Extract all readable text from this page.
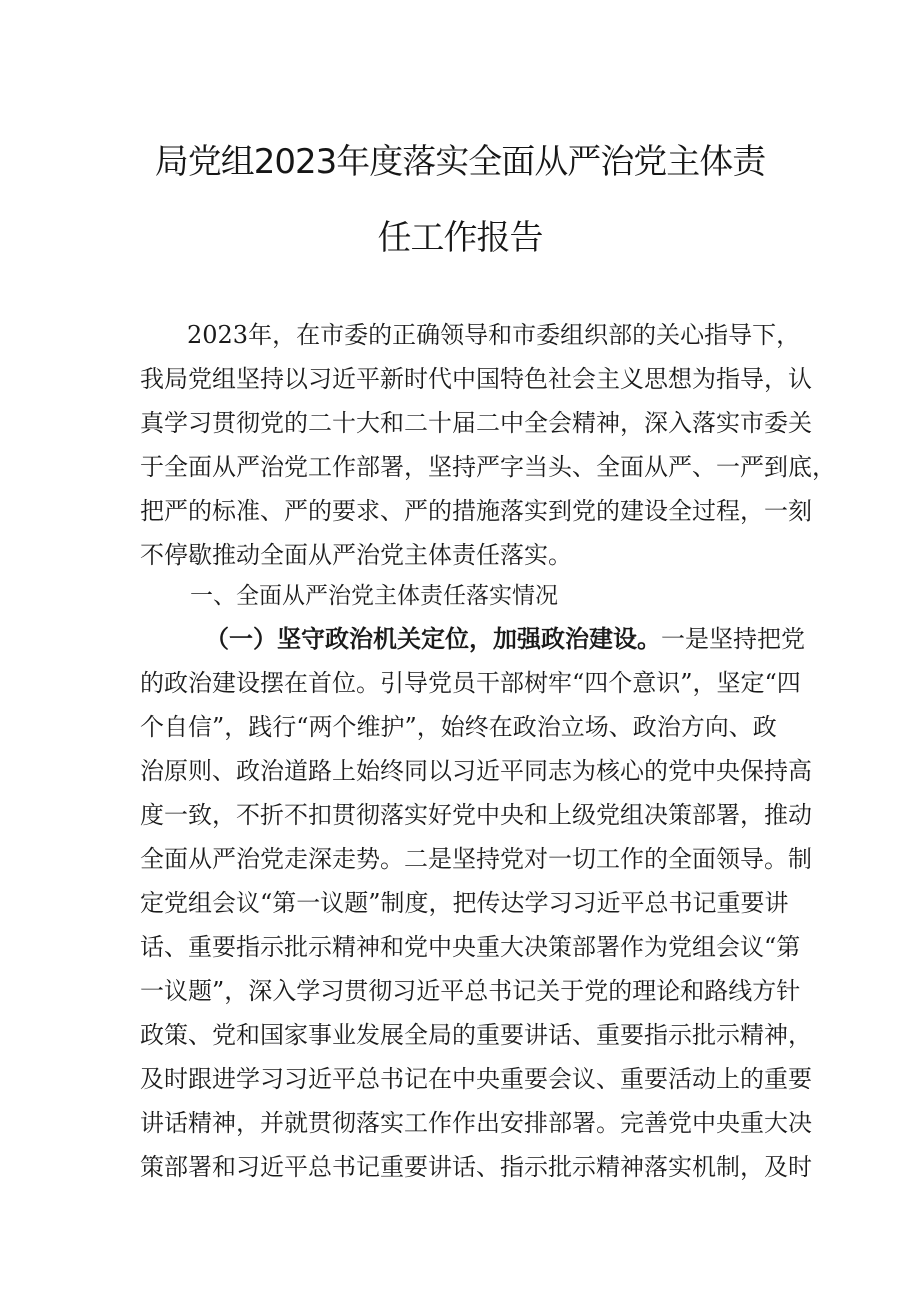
局党组2023年度落实全面从严治党主体责
任工作报告
2023年，在市委的正确领导和市委组织部的关心指导下，
我局党组坚持以习近平新时代中国特色社会主义思想为指导，认
真学习贯彻党的二十大和二十届二中全会精神，深入落实市委关
于全面从严治党工作部署，坚持严字当头、全面从严、一严到底，
把严的标准、严的要求、严的措施落实到党的建设全过程，一刻
不停歇推动全面从严治党主体责任落实。
一、全面从严治党主体责任落实情况
（一）坚守政治机关定位，加强政治建设。一是坚持把党
的政治建设摆在首位。引导党员干部树牢“四个意识”，坚定“四
个自信”，践行“两个维护”，始终在政治立场、政治方向、政
治原则、政治道路上始终同以习近平同志为核心的党中央保持高
度一致，不折不扣贯彻落实好党中央和上级党组决策部署，推动
全面从严治党走深走势。二是坚持党对一切工作的全面领导。制
定党组会议“第一议题”制度，把传达学习习近平总书记重要讲
话、重要指示批示精神和党中央重大决策部署作为党组会议“第
一议题”，深入学习贯彻习近平总书记关于党的理论和路线方针
政策、党和国家事业发展全局的重要讲话、重要指示批示精神，
及时跟进学习习近平总书记在中央重要会议、重要活动上的重要
讲话精神，并就贯彻落实工作作出安排部署。完善党中央重大决
策部署和习近平总书记重要讲话、指示批示精神落实机制，及时
